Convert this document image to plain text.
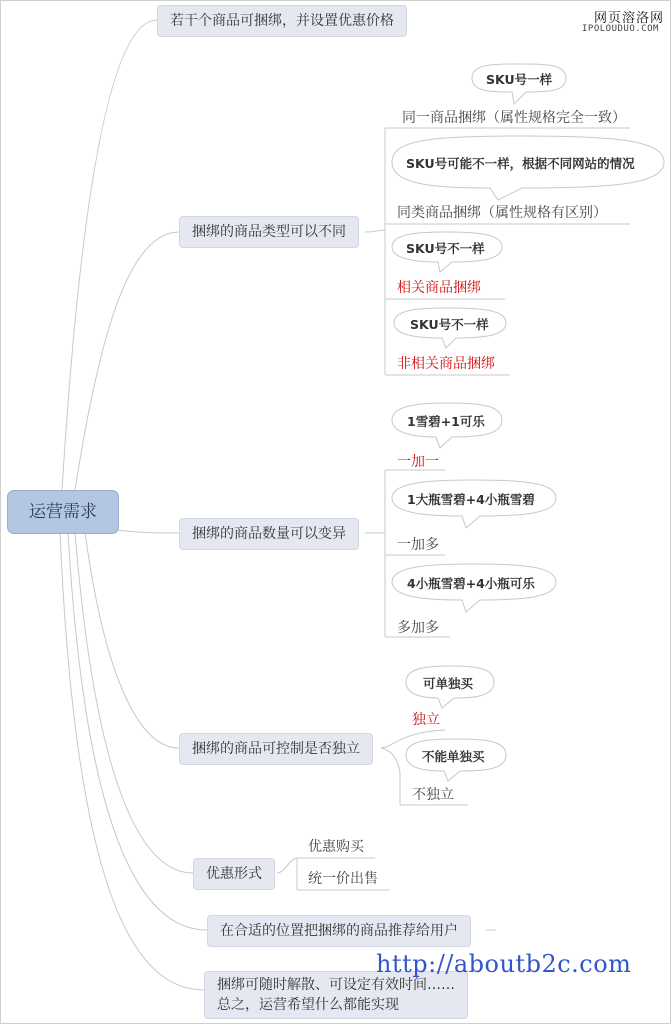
网页溶洛网
IPOLOUDUO.COM
运营需求
若干个商品可捆绑，并设置优惠价格
捆绑的商品类型可以不同
捆绑的商品数量可以变异
捆绑的商品可控制是否独立
优惠形式
在合适的位置把捆绑的商品推荐给用户
捆绑可随时解散、可设定有效时间……
总之，运营希望什么都能实现
SKU号一样
同一商品捆绑（属性规格完全一致）
SKU号可能不一样，根据不同网站的情况
同类商品捆绑（属性规格有区别）
SKU号不一样
相关商品捆绑
SKU号不一样
非相关商品捆绑
1雪碧+1可乐
一加一
1大瓶雪碧+4小瓶雪碧
一加多
4小瓶雪碧+4小瓶可乐
多加多
可单独买
独立
不能单独买
不独立
优惠购买
统一价出售
http://aboutb2c.com
